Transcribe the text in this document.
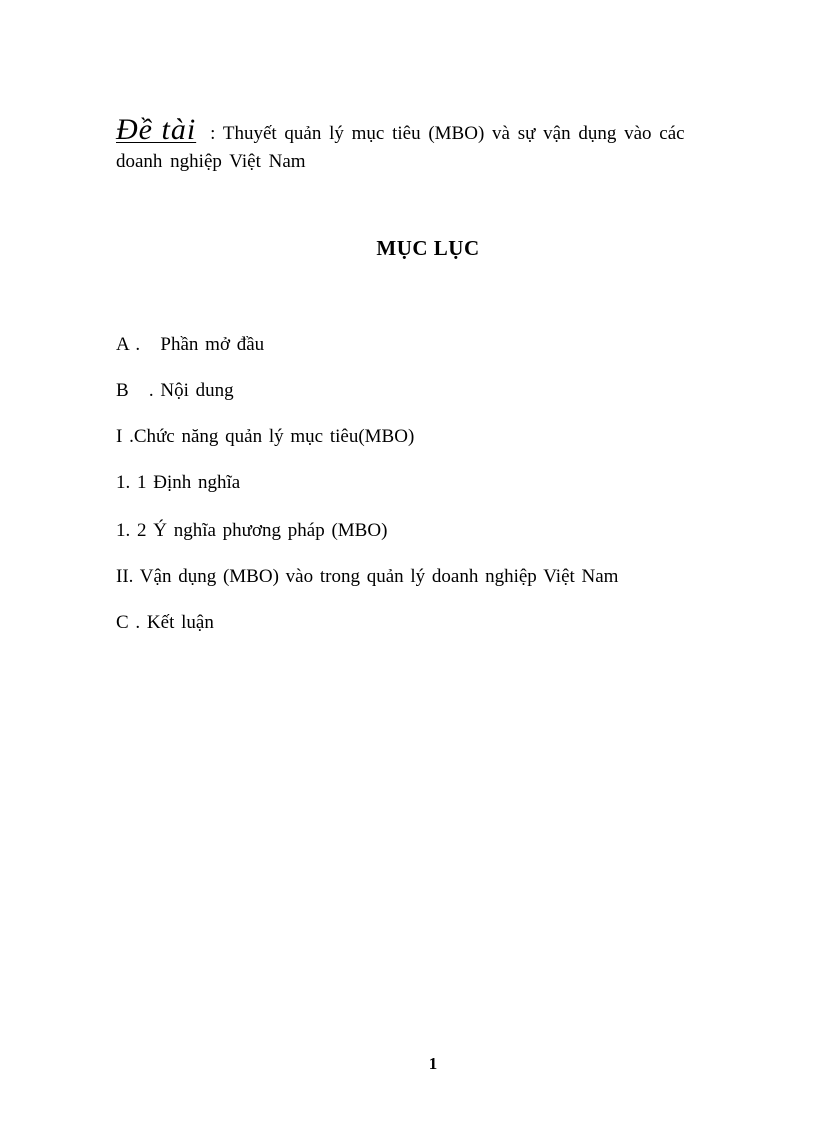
Đề tài : Thuyết quản lý mục tiêu (MBO) và sự vận dụng vào các doanh nghiệp Việt Nam
MỤC LỤC
A .   Phần mở đầu
B   . Nội dung
I .Chức năng quản lý mục tiêu(MBO)
1. 1 Định nghĩa
1. 2 Ý nghĩa phương pháp (MBO)
II. Vận dụng (MBO) vào trong quản lý doanh nghiệp Việt Nam
C . Kết luận
1
